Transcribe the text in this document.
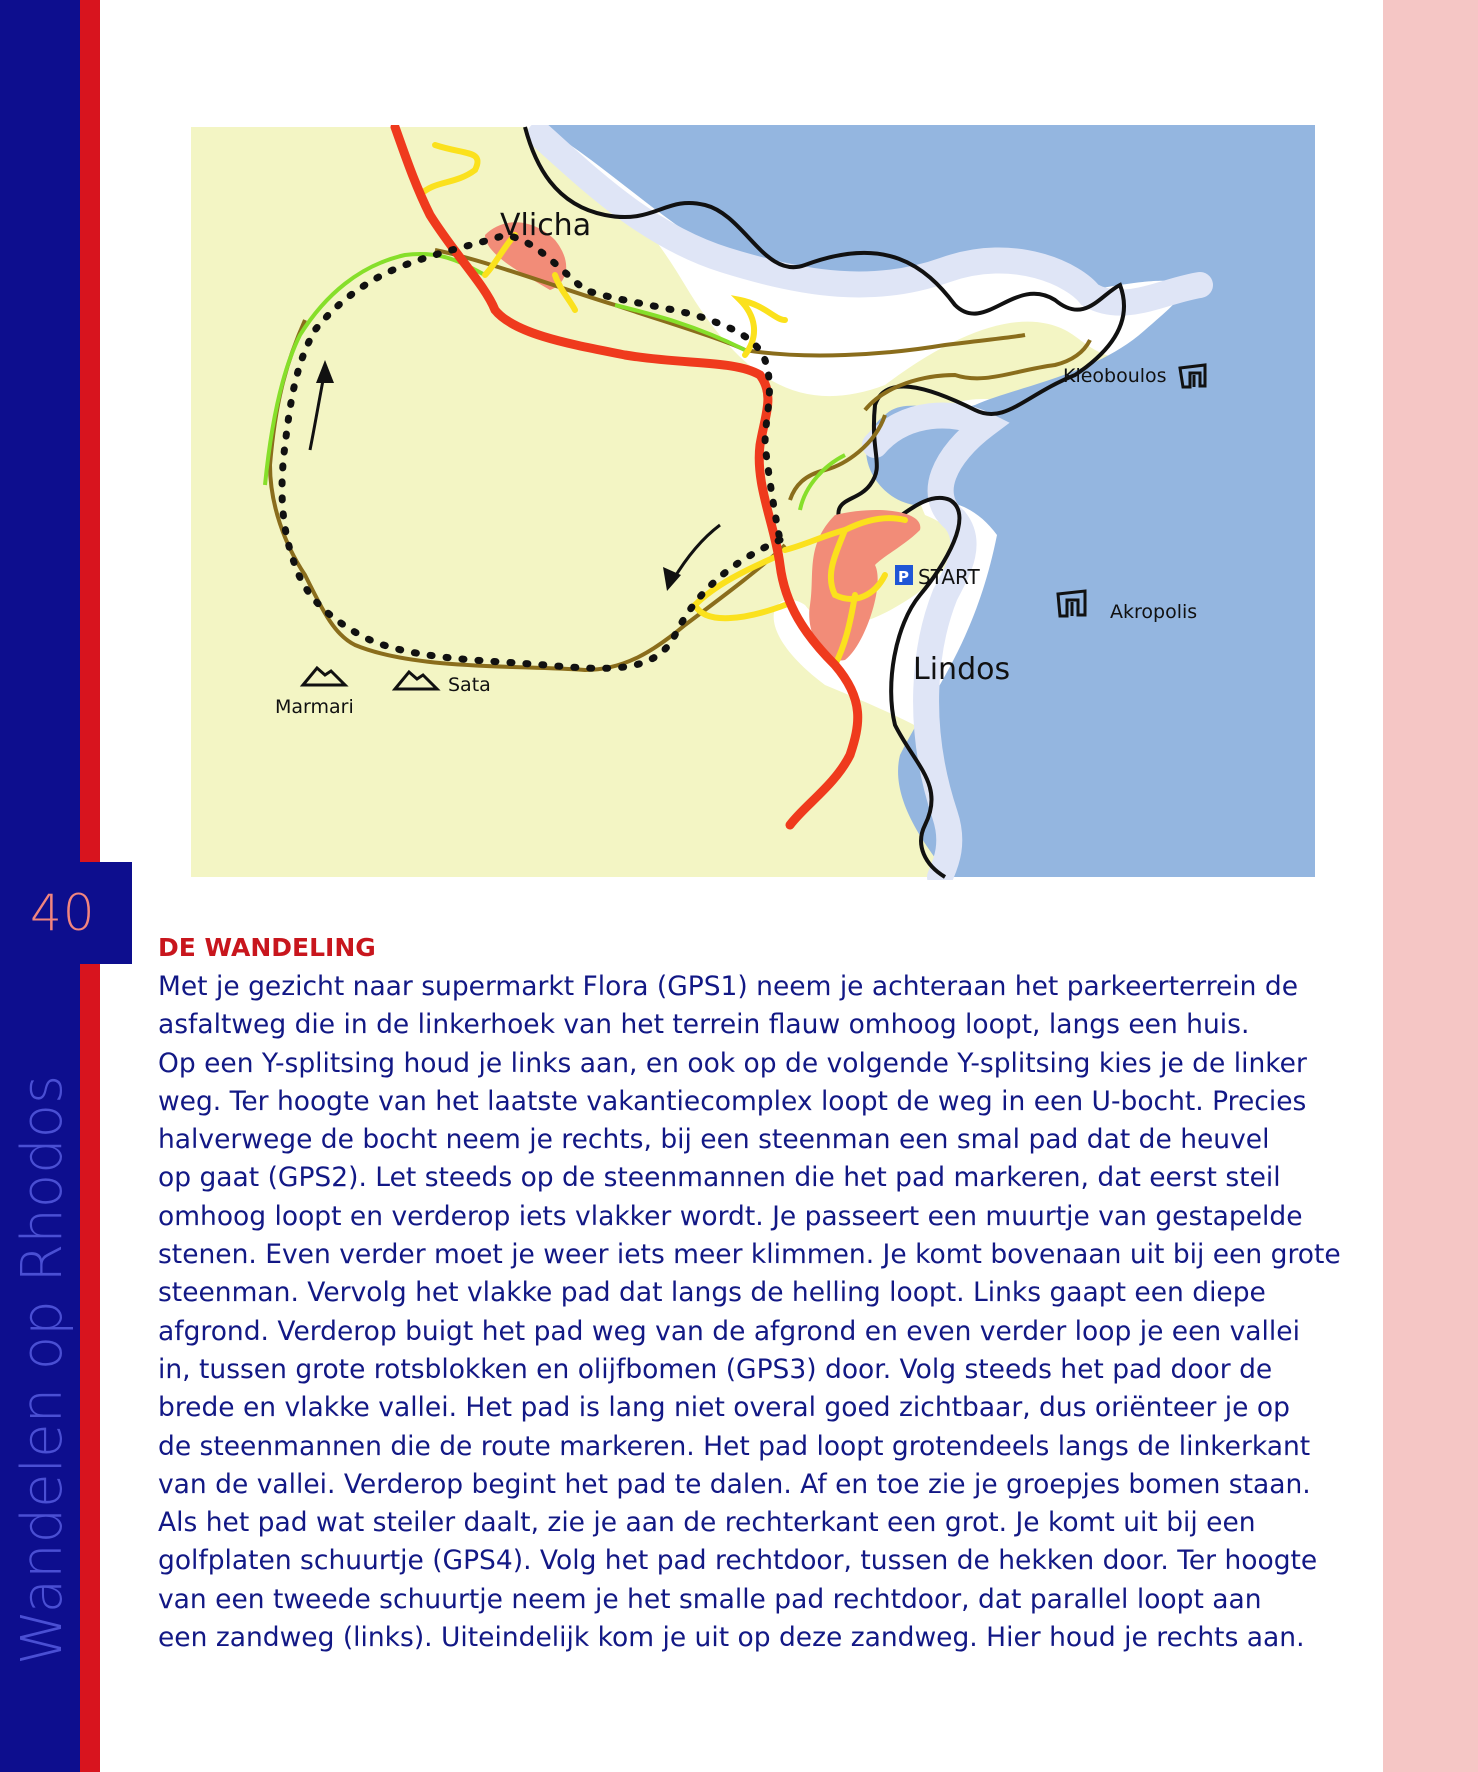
40
Wandelen op Rhodos
P
Vlicha
Kleoboulos
START
Akropolis
Lindos
Marmari
Sata
DE WANDELING

Met je gezicht naar supermarkt Flora (GPS1) neem je achteraan het parkeerterrein de
asfaltweg die in de linkerhoek van het terrein flauw omhoog loopt, langs een huis.
Op een Y-splitsing houd je links aan, en ook op de volgende Y-splitsing kies je de linker
weg. Ter hoogte van het laatste vakantiecomplex loopt de weg in een U-bocht. Precies
halverwege de bocht neem je rechts, bij een steenman een smal pad dat de heuvel
op gaat (GPS2). Let steeds op de steenmannen die het pad markeren, dat eerst steil
omhoog loopt en verderop iets vlakker wordt. Je passeert een muurtje van gestapelde
stenen. Even verder moet je weer iets meer klimmen. Je komt bovenaan uit bij een grote
steenman. Vervolg het vlakke pad dat langs de helling loopt. Links gaapt een diepe
afgrond. Verderop buigt het pad weg van de afgrond en even verder loop je een vallei
in, tussen grote rotsblokken en olijfbomen (GPS3) door. Volg steeds het pad door de
brede en vlakke vallei. Het pad is lang niet overal goed zichtbaar, dus oriënteer je op
de steenmannen die de route markeren. Het pad loopt grotendeels langs de linkerkant
van de vallei. Verderop begint het pad te dalen. Af en toe zie je groepjes bomen staan.
Als het pad wat steiler daalt, zie je aan de rechterkant een grot. Je komt uit bij een
golfplaten schuurtje (GPS4). Volg het pad rechtdoor, tussen de hekken door. Ter hoogte
van een tweede schuurtje neem je het smalle pad rechtdoor, dat parallel loopt aan
een zandweg (links). Uiteindelijk kom je uit op deze zandweg. Hier houd je rechts aan.
